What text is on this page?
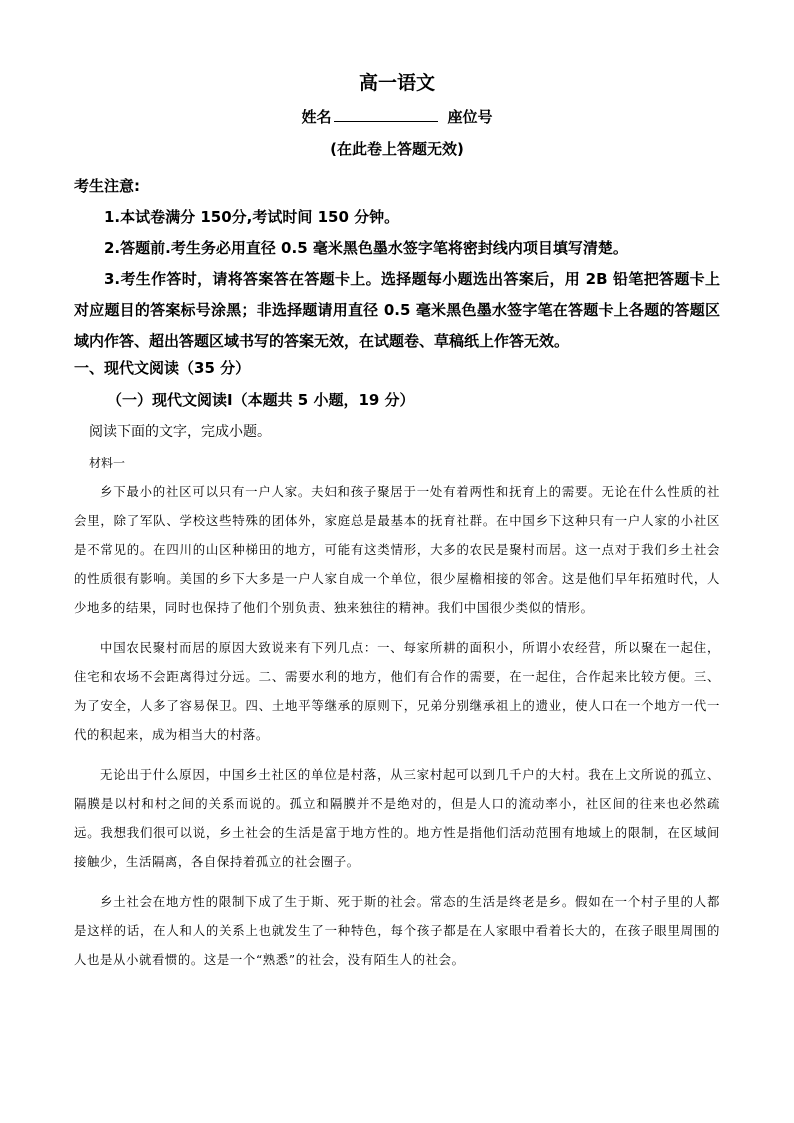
高一语文
姓名	座位号
(在此卷上答题无效)

考生注意:

1.本试卷满分 150分,考试时间 150 分钟。

2.答题前.考生务必用直径 0.5 毫米黑色墨水签字笔将密封线内项目填写清楚。

3.考生作答时，请将答案答在答题卡上。选择题每小题选出答案后，用 2B 铅笔把答题卡上对应题目的答案标号涂黑；非选择题请用直径 0.5 毫米黑色墨水签字笔在答题卡上各题的答题区域内作答、超出答题区域书写的答案无效，在试题卷、草稿纸上作答无效。

一、现代文阅读（35 分）
（一）现代文阅读Ⅰ（本题共 5 小题，19 分）
阅读下面的文字，完成小题。
材料一

乡下最小的社区可以只有一户人家。夫妇和孩子聚居于一处有着两性和抚育上的需要。无论在什么性质的社会里，除了军队、学校这些特殊的团体外，家庭总是最基本的抚育社群。在中国乡下这种只有一户人家的小社区是不常见的。在四川的山区种梯田的地方，可能有这类情形，大多的农民是聚村而居。这一点对于我们乡土社会的性质很有影响。美国的乡下大多是一户人家自成一个单位，很少屋檐相接的邻舍。这是他们早年拓殖时代，人少地多的结果，同时也保持了他们个别负责、独来独往的精神。我们中国很少类似的情形。

中国农民聚村而居的原因大致说来有下列几点：一、每家所耕的面积小，所谓小农经营，所以聚在一起住，住宅和农场不会距离得过分远。二、需要水利的地方，他们有合作的需要，在一起住，合作起来比较方便。三、为了安全，人多了容易保卫。四、土地平等继承的原则下，兄弟分别继承祖上的遗业，使人口在一个地方一代一代的积起来，成为相当大的村落。

无论出于什么原因，中国乡土社区的单位是村落，从三家村起可以到几千户的大村。我在上文所说的孤立、隔膜是以村和村之间的关系而说的。孤立和隔膜并不是绝对的，但是人口的流动率小，社区间的往来也必然疏远。我想我们很可以说，乡土社会的生活是富于地方性的。地方性是指他们活动范围有地域上的限制，在区域间接触少，生活隔离，各自保持着孤立的社会圈子。

乡土社会在地方性的限制下成了生于斯、死于斯的社会。常态的生活是终老是乡。假如在一个村子里的人都是这样的话，在人和人的关系上也就发生了一种特色，每个孩子都是在人家眼中看着长大的，在孩子眼里周围的人也是从小就看惯的。这是一个“熟悉”的社会，没有陌生人的社会。
